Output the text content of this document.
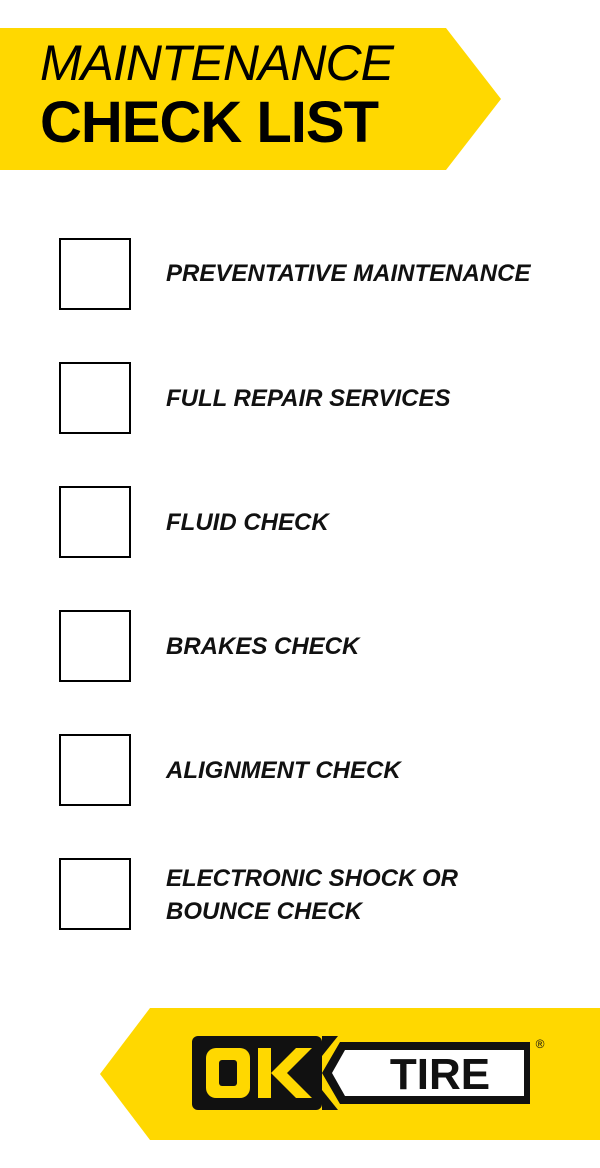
MAINTENANCE
CHECK LIST
PREVENTATIVE MAINTENANCE
FULL REPAIR SERVICES
FLUID CHECK
BRAKES CHECK
ALIGNMENT CHECK
ELECTRONIC SHOCK OR
BOUNCE CHECK
TIRE
®
